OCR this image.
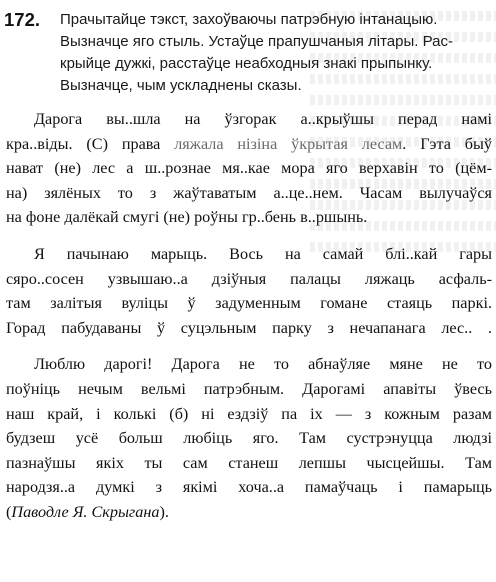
172. Прачытайце тэкст, захоўваючы патрэбную інтанацыю.
Вызначце яго стыль. Устаўце прапушчаныя літары. Рас-
крыйце дужкі, расстаўце неабходныя знакі прыпынку.
Вызначце, чым ускладнены сказы.
Дарога вы..шла на ўзгорак а..крыўшы перад намі
кра..віды. (С) права ляжала нізіна ўкрытая лесам. Гэта быў
нават (не) лес а ш..рознае мя..кае мора яго верхавін то (цём-
на) зялёных то з жаўтаватым а..це..нем. Часам вылучаўся
на фоне далёкай смугі (не) роўны гр..бень в..ршынь.
Я пачынаю марыць. Вось на самай блі..кай гары
сяро..сосен узвышаю..а дзіўныя палацы ляжаць асфаль-
там залітыя вуліцы ў задуменным гомане стаяць паркі.
Горад пабудаваны ў суцэльным парку з нечапанага лес.. .
Люблю дарогі! Дарога не то абнаўляе мяне не то
поўніць нечым вельмі патрэбным. Дарогамі апавіты ўвесь
наш край, і колькі (б) ні ездзіў па іх — з кожным разам
будзеш усё больш любіць яго. Там сустрэнуцца людзі
пазнаўшы якіх ты сам станеш лепшы чысцейшы. Там
народзя..а думкі з якімі хоча..а памаўчаць і памарыць
(Паводле Я. Скрыгана).
